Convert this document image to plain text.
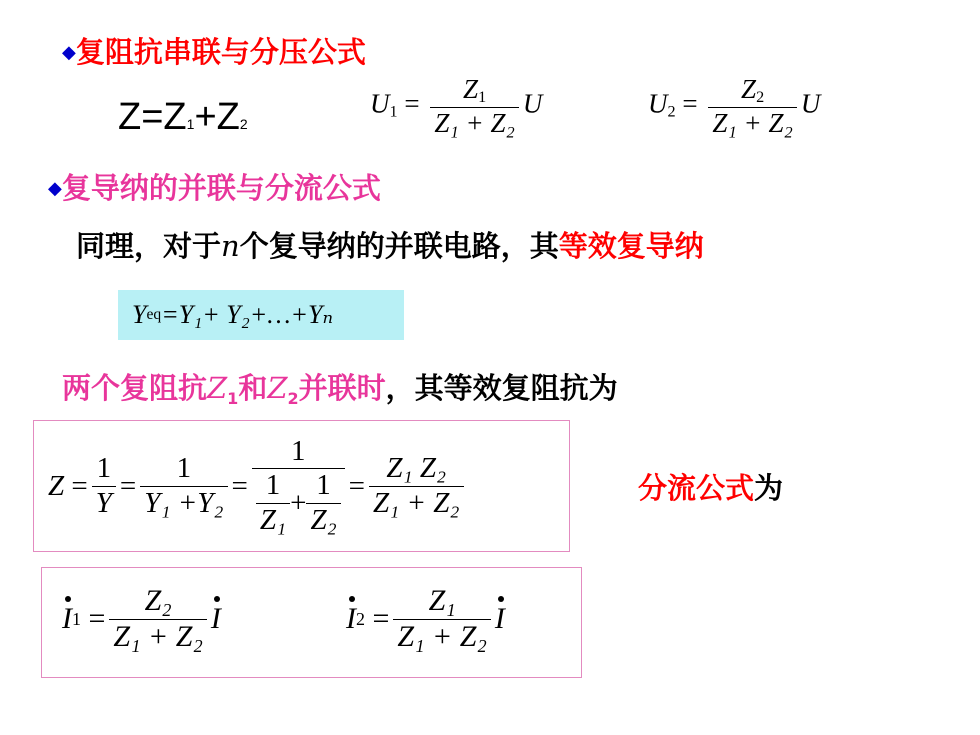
◆复阻抗串联与分压公式
Z=Z1+Z2
$U_1 = \frac{Z_1}{\text{Z₁ + Z₂}}$ U	$U_2 = \frac{Z_2}{\text{Z₁ + Z₂}}$ U
◆复导纳的并联与分流公式
同理，对于n个复导纳的并联电路，其等效复导纳
Y eq =Y₁+ Y₂+…+Yₙ
两个复阻抗$Z_1$和$Z_2$并联时，其等效复阻抗为
Z
= $\frac{1}{Y} = \frac{1}{\text{Y₁ +Y₂}} = \frac{1}{\frac{1}{\text{Z₁}} + \frac{1}{\text{Z₂}}} = \frac{\text{Z₁ Z₂}}{\text{Z₁ + Z₂}}$	分流公式为
I 1
= $\frac{\text{Z₂}}{\text{Z₁ + Z₂}}$ I	I 2
= $\frac{\text{Z₁}}{\text{Z₁ + Z₂}}$ I
